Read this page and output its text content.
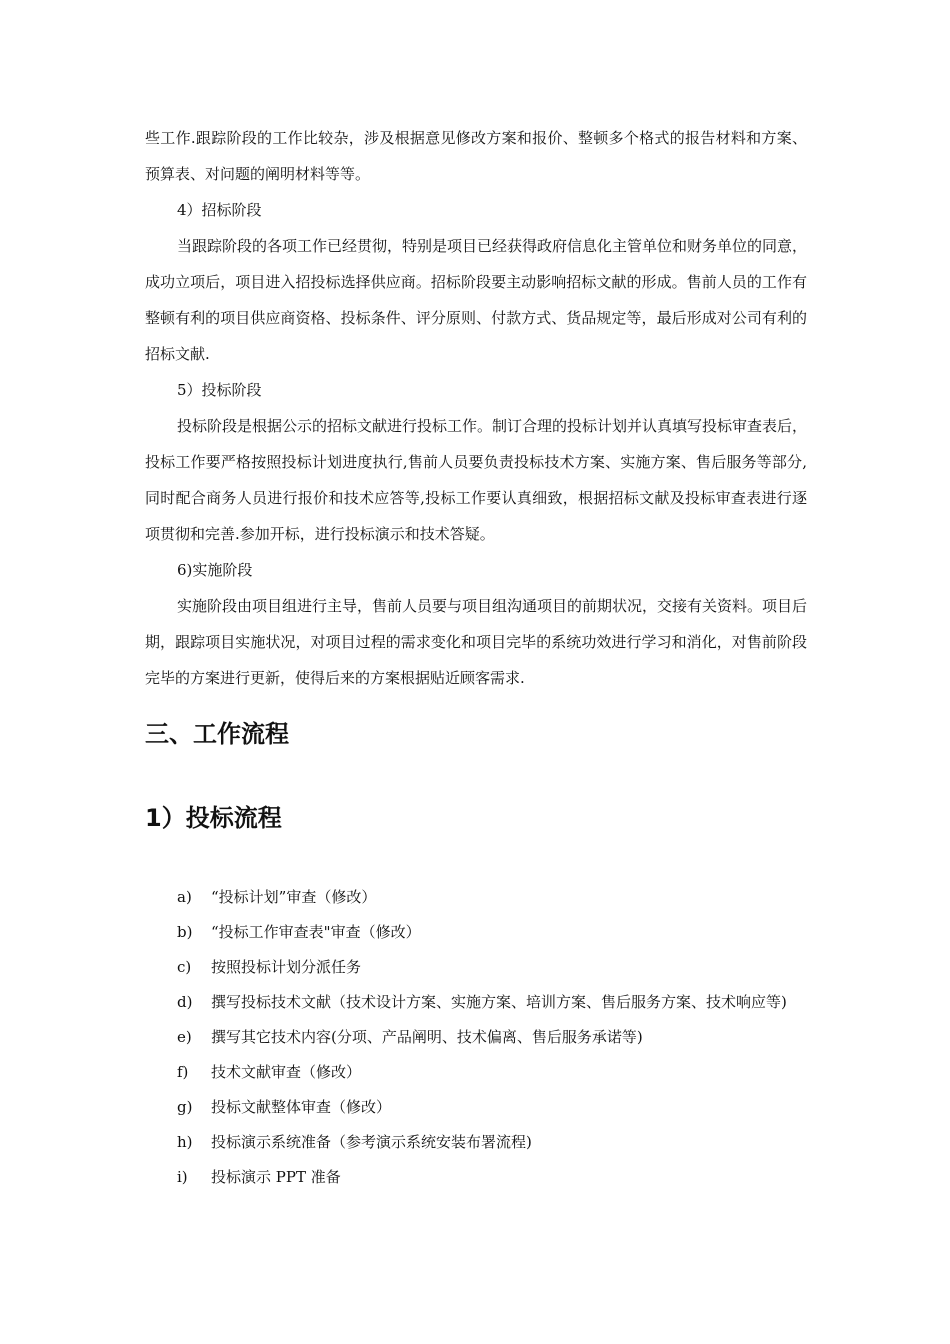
些工作.跟踪阶段的工作比较杂，涉及根据意见修改方案和报价、整顿多个格式的报告材料和方案、预算表、对问题的阐明材料等等。

4）招标阶段

当跟踪阶段的各项工作已经贯彻，特别是项目已经获得政府信息化主管单位和财务单位的同意，成功立项后，项目进入招投标选择供应商。招标阶段要主动影响招标文献的形成。售前人员的工作有整顿有利的项目供应商资格、投标条件、评分原则、付款方式、货品规定等，最后形成对公司有利的招标文献.

5）投标阶段

投标阶段是根据公示的招标文献进行投标工作。制订合理的投标计划并认真填写投标审查表后，投标工作要严格按照投标计划进度执行,售前人员要负责投标技术方案、实施方案、售后服务等部分,同时配合商务人员进行报价和技术应答等,投标工作要认真细致，根据招标文献及投标审查表进行逐项贯彻和完善.参加开标，进行投标演示和技术答疑。

6)实施阶段

实施阶段由项目组进行主导，售前人员要与项目组沟通项目的前期状况，交接有关资料。项目后期，跟踪项目实施状况，对项目过程的需求变化和项目完毕的系统功效进行学习和消化，对售前阶段完毕的方案进行更新，使得后来的方案根据贴近顾客需求.

三、工作流程
1）投标流程
a)	“投标计划”审查（修改）
b)	“投标工作审查表"审查（修改）
c)	按照投标计划分派任务
d)	撰写投标技术文献（技术设计方案、实施方案、培训方案、售后服务方案、技术响应等)
e)	撰写其它技术内容(分项、产品阐明、技术偏离、售后服务承诺等)
f)	技术文献审查（修改）
g)	投标文献整体审查（修改）
h)	投标演示系统准备（参考演示系统安装布署流程)
i)	投标演示 PPT 准备
